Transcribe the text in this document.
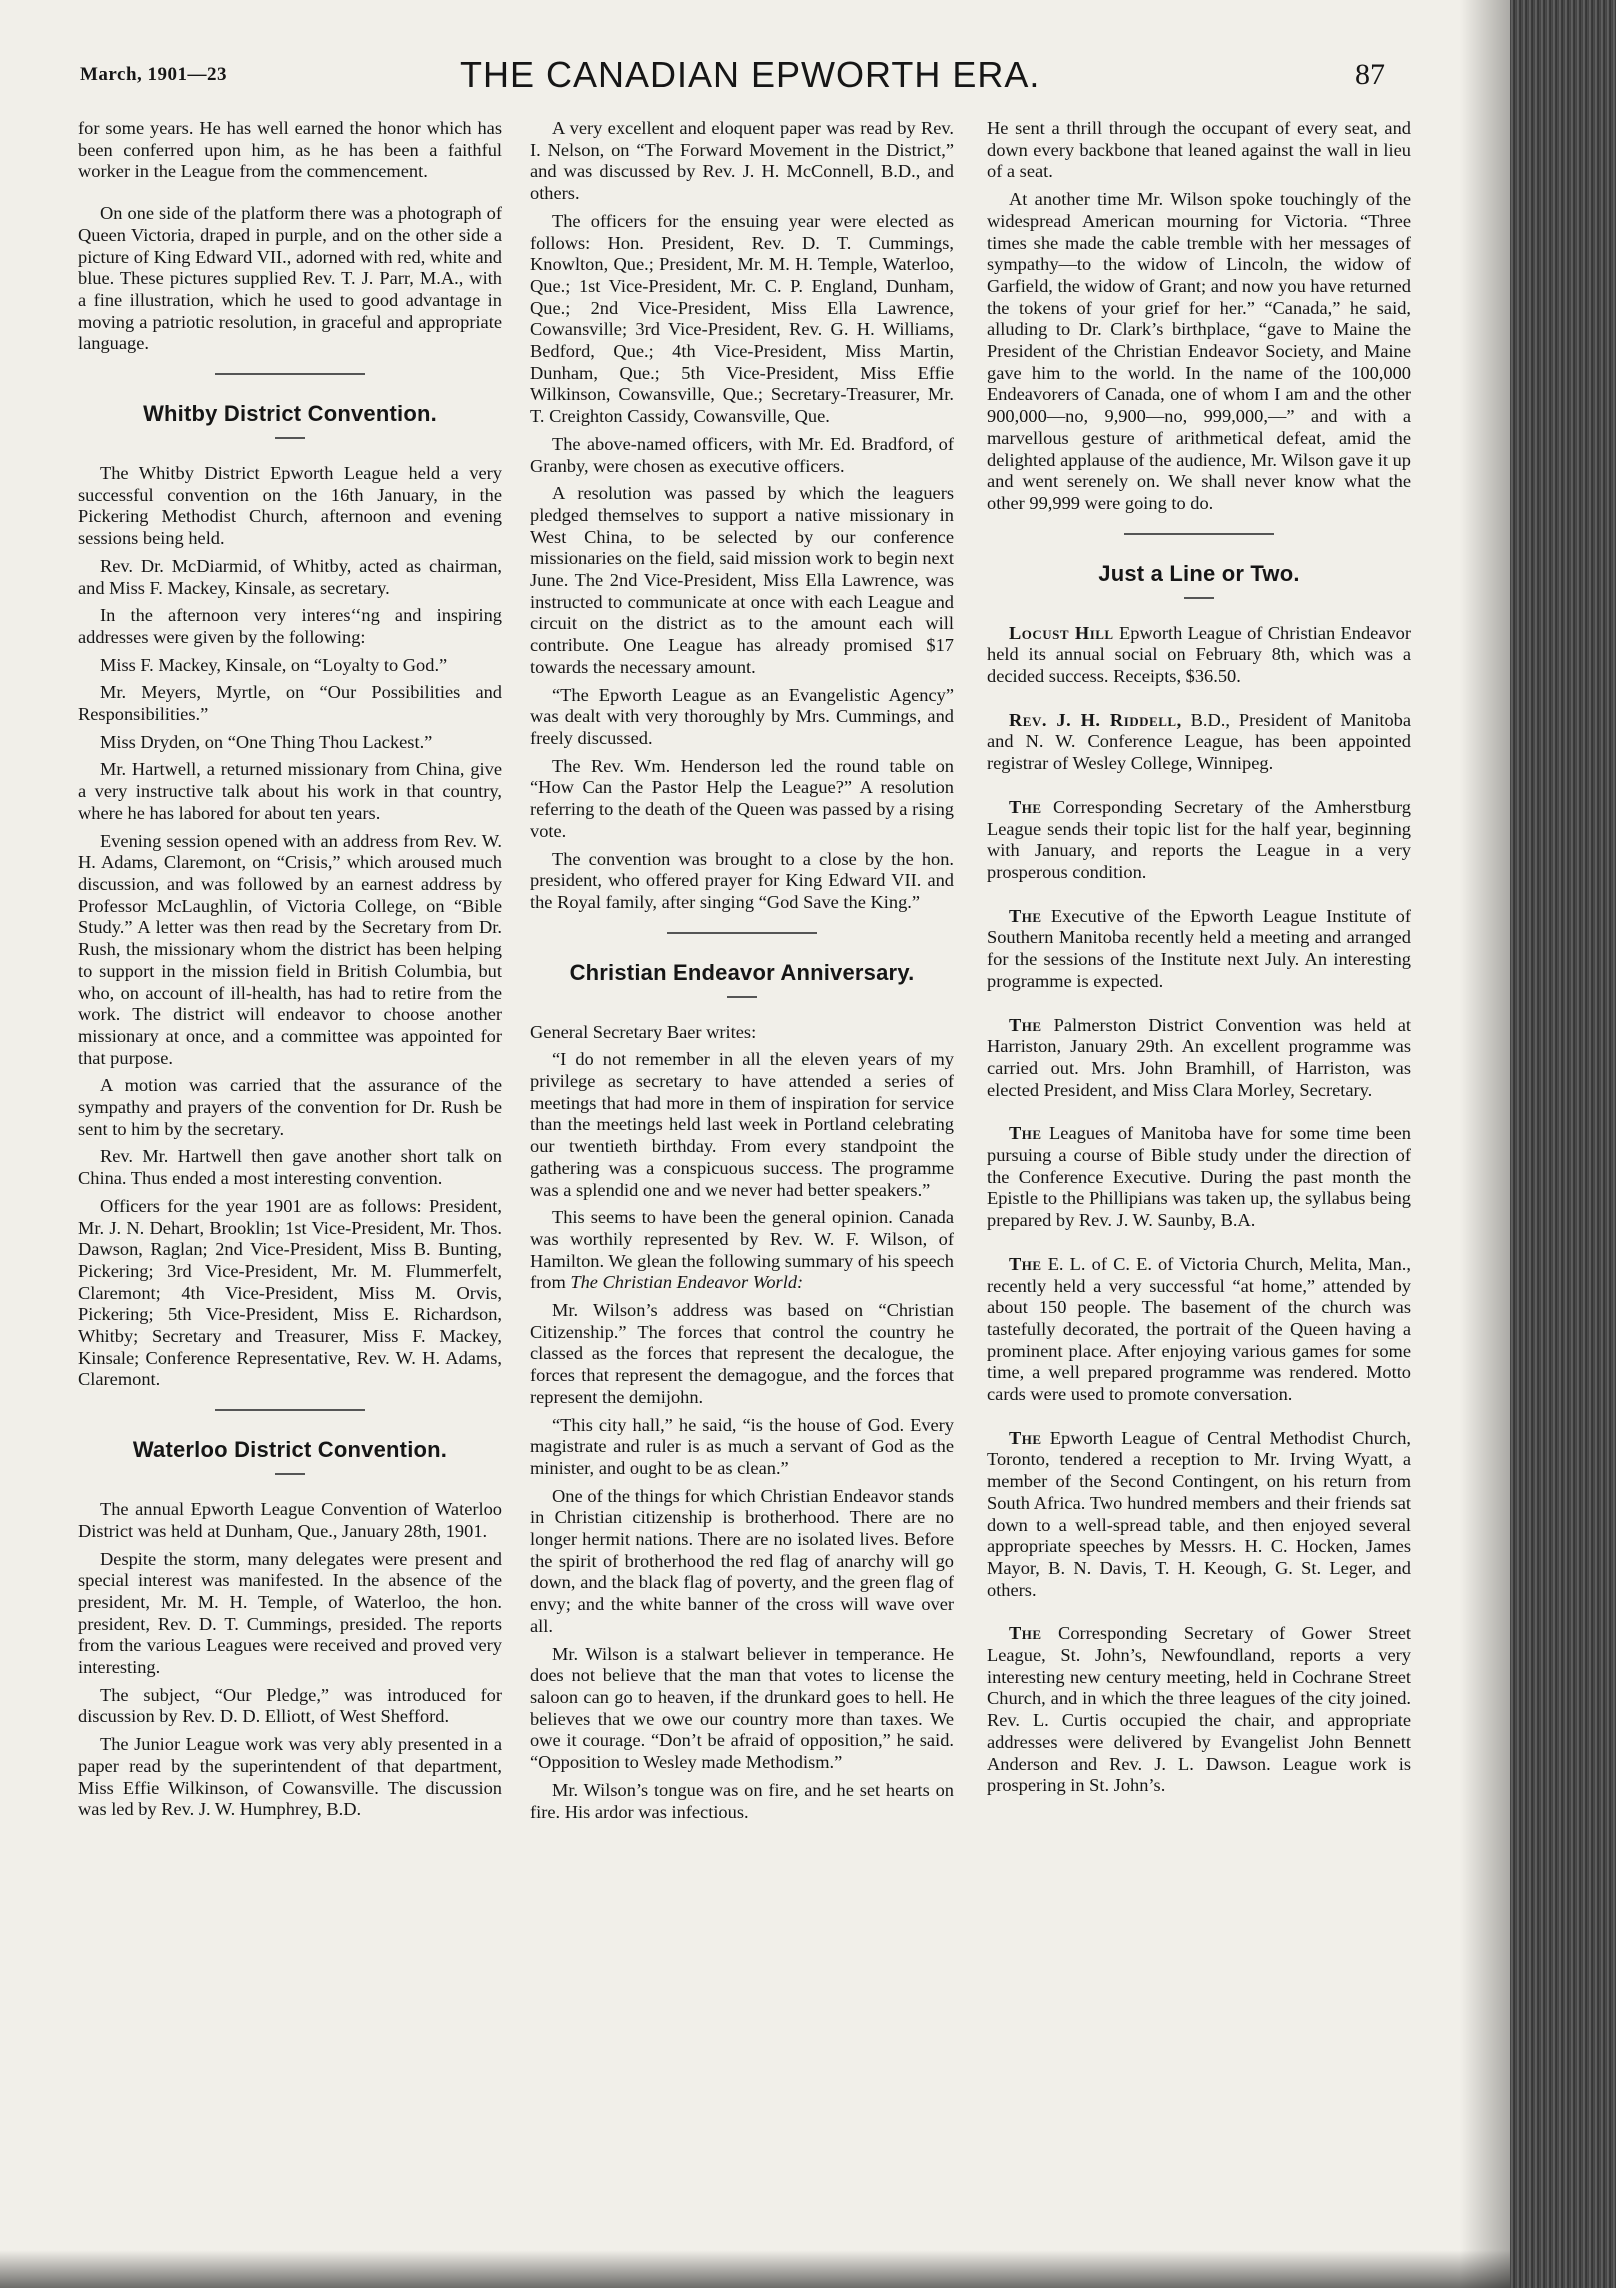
March, 1901—23	THE CANADIAN EPWORTH ERA.	87

for some years. He has well earned the honor which has been conferred upon him, as he has been a faithful worker in the League from the commencement.

On one side of the platform there was a photograph of Queen Victoria, draped in purple, and on the other side a picture of King Edward VII., adorned with red, white and blue. These pictures supplied Rev. T. J. Parr, M.A., with a fine illustration, which he used to good advantage in moving a patriotic resolution, in graceful and appropriate language.

Whitby District Convention.

The Whitby District Epworth League held a very successful convention on the 16th January, in the Pickering Methodist Church, afternoon and evening sessions being held.

Rev. Dr. McDiarmid, of Whitby, acted as chairman, and Miss F. Mackey, Kinsale, as secretary.

In the afternoon very interes‘‘ng and inspiring addresses were given by the following:

Miss F. Mackey, Kinsale, on “Loyalty to God.”

Mr. Meyers, Myrtle, on “Our Possibilities and Responsibilities.”

Miss Dryden, on “One Thing Thou Lackest.”

Mr. Hartwell, a returned missionary from China, give a very instructive talk about his work in that country, where he has labored for about ten years.

Evening session opened with an address from Rev. W. H. Adams, Claremont, on “Crisis,” which aroused much discussion, and was followed by an earnest address by Professor McLaughlin, of Victoria College, on “Bible Study.” A letter was then read by the Secretary from Dr. Rush, the missionary whom the district has been helping to support in the mission field in British Columbia, but who, on account of ill-health, has had to retire from the work. The district will endeavor to choose another missionary at once, and a committee was appointed for that purpose.

A motion was carried that the assurance of the sympathy and prayers of the convention for Dr. Rush be sent to him by the secretary.

Rev. Mr. Hartwell then gave another short talk on China. Thus ended a most interesting convention.

Officers for the year 1901 are as follows: President, Mr. J. N. Dehart, Brooklin; 1st Vice-President, Mr. Thos. Dawson, Raglan; 2nd Vice-President, Miss B. Bunting, Pickering; 3rd Vice-President, Mr. M. Flummerfelt, Claremont; 4th Vice-President, Miss M. Orvis, Pickering; 5th Vice-President, Miss E. Richardson, Whitby; Secretary and Treasurer, Miss F. Mackey, Kinsale; Conference Representative, Rev. W. H. Adams, Claremont.

Waterloo District Convention.

The annual Epworth League Convention of Waterloo District was held at Dunham, Que., January 28th, 1901.

Despite the storm, many delegates were present and special interest was manifested. In the absence of the president, Mr. M. H. Temple, of Waterloo, the hon. president, Rev. D. T. Cummings, presided. The reports from the various Leagues were received and proved very interesting.

The subject, “Our Pledge,” was introduced for discussion by Rev. D. D. Elliott, of West Shefford.

The Junior League work was very ably presented in a paper read by the superintendent of that department, Miss Effie Wilkinson, of Cowansville. The discussion was led by Rev. J. W. Humphrey, B.D.

A very excellent and eloquent paper was read by Rev. I. Nelson, on “The Forward Movement in the District,” and was discussed by Rev. J. H. McConnell, B.D., and others.

The officers for the ensuing year were elected as follows: Hon. President, Rev. D. T. Cummings, Knowlton, Que.; President, Mr. M. H. Temple, Waterloo, Que.; 1st Vice-President, Mr. C. P. England, Dunham, Que.; 2nd Vice-President, Miss Ella Lawrence, Cowansville; 3rd Vice-President, Rev. G. H. Williams, Bedford, Que.; 4th Vice-President, Miss Martin, Dunham, Que.; 5th Vice-President, Miss Effie Wilkinson, Cowansville, Que.; Secretary-Treasurer, Mr. T. Creighton Cassidy, Cowansville, Que.

The above-named officers, with Mr. Ed. Bradford, of Granby, were chosen as executive officers.

A resolution was passed by which the leaguers pledged themselves to support a native missionary in West China, to be selected by our conference missionaries on the field, said mission work to begin next June. The 2nd Vice-President, Miss Ella Lawrence, was instructed to communicate at once with each League and circuit on the district as to the amount each will contribute. One League has already promised $17 towards the necessary amount.

“The Epworth League as an Evangelistic Agency” was dealt with very thoroughly by Mrs. Cummings, and freely discussed.

The Rev. Wm. Henderson led the round table on “How Can the Pastor Help the League?” A resolution referring to the death of the Queen was passed by a rising vote.

The convention was brought to a close by the hon. president, who offered prayer for King Edward VII. and the Royal family, after singing “God Save the King.”

Christian Endeavor Anniversary.

General Secretary Baer writes:

“I do not remember in all the eleven years of my privilege as secretary to have attended a series of meetings that had more in them of inspiration for service than the meetings held last week in Portland celebrating our twentieth birthday. From every standpoint the gathering was a conspicuous success. The programme was a splendid one and we never had better speakers.”

This seems to have been the general opinion. Canada was worthily represented by Rev. W. F. Wilson, of Hamilton. We glean the following summary of his speech from The Christian Endeavor World:

Mr. Wilson’s address was based on “Christian Citizenship.” The forces that control the country he classed as the forces that represent the decalogue, the forces that represent the demagogue, and the forces that represent the demijohn.

“This city hall,” he said, “is the house of God. Every magistrate and ruler is as much a servant of God as the minister, and ought to be as clean.”

One of the things for which Christian Endeavor stands in Christian citizenship is brotherhood. There are no longer hermit nations. There are no isolated lives. Before the spirit of brotherhood the red flag of anarchy will go down, and the black flag of poverty, and the green flag of envy; and the white banner of the cross will wave over all.

Mr. Wilson is a stalwart believer in temperance. He does not believe that the man that votes to license the saloon can go to heaven, if the drunkard goes to hell. He believes that we owe our country more than taxes. We owe it courage. “Don’t be afraid of opposition,” he said. “Opposition to Wesley made Methodism.”

Mr. Wilson’s tongue was on fire, and he set hearts on fire. His ardor was infectious.

He sent a thrill through the occupant of every seat, and down every backbone that leaned against the wall in lieu of a seat.

At another time Mr. Wilson spoke touchingly of the widespread American mourning for Victoria. “Three times she made the cable tremble with her messages of sympathy—to the widow of Lincoln, the widow of Garfield, the widow of Grant; and now you have returned the tokens of your grief for her.” “Canada,” he said, alluding to Dr. Clark’s birthplace, “gave to Maine the President of the Christian Endeavor Society, and Maine gave him to the world. In the name of the 100,000 Endeavorers of Canada, one of whom I am and the other 900,000—no, 9,900—no, 999,000,—” and with a marvellous gesture of arithmetical defeat, amid the delighted applause of the audience, Mr. Wilson gave it up and went serenely on. We shall never know what the other 99,999 were going to do.

Just a Line or Two.

Locust Hill Epworth League of Christian Endeavor held its annual social on February 8th, which was a decided success. Receipts, $36.50.

Rev. J. H. Riddell, B.D., President of Manitoba and N. W. Conference League, has been appointed registrar of Wesley College, Winnipeg.

The Corresponding Secretary of the Amherstburg League sends their topic list for the half year, beginning with January, and reports the League in a very prosperous condition.

The Executive of the Epworth League Institute of Southern Manitoba recently held a meeting and arranged for the sessions of the Institute next July. An interesting programme is expected.

The Palmerston District Convention was held at Harriston, January 29th. An excellent programme was carried out. Mrs. John Bramhill, of Harriston, was elected President, and Miss Clara Morley, Secretary.

The Leagues of Manitoba have for some time been pursuing a course of Bible study under the direction of the Conference Executive. During the past month the Epistle to the Phillipians was taken up, the syllabus being prepared by Rev. J. W. Saunby, B.A.

The E. L. of C. E. of Victoria Church, Melita, Man., recently held a very successful “at home,” attended by about 150 people. The basement of the church was tastefully decorated, the portrait of the Queen having a prominent place. After enjoying various games for some time, a well prepared programme was rendered. Motto cards were used to promote conversation.

The Epworth League of Central Methodist Church, Toronto, tendered a reception to Mr. Irving Wyatt, a member of the Second Contingent, on his return from South Africa. Two hundred members and their friends sat down to a well-spread table, and then enjoyed several appropriate speeches by Messrs. H. C. Hocken, James Mayor, B. N. Davis, T. H. Keough, G. St. Leger, and others.

The Corresponding Secretary of Gower Street League, St. John’s, Newfoundland, reports a very interesting new century meeting, held in Cochrane Street Church, and in which the three leagues of the city joined. Rev. L. Curtis occupied the chair, and appropriate addresses were delivered by Evangelist John Bennett Anderson and Rev. J. L. Dawson. League work is prospering in St. John’s.
